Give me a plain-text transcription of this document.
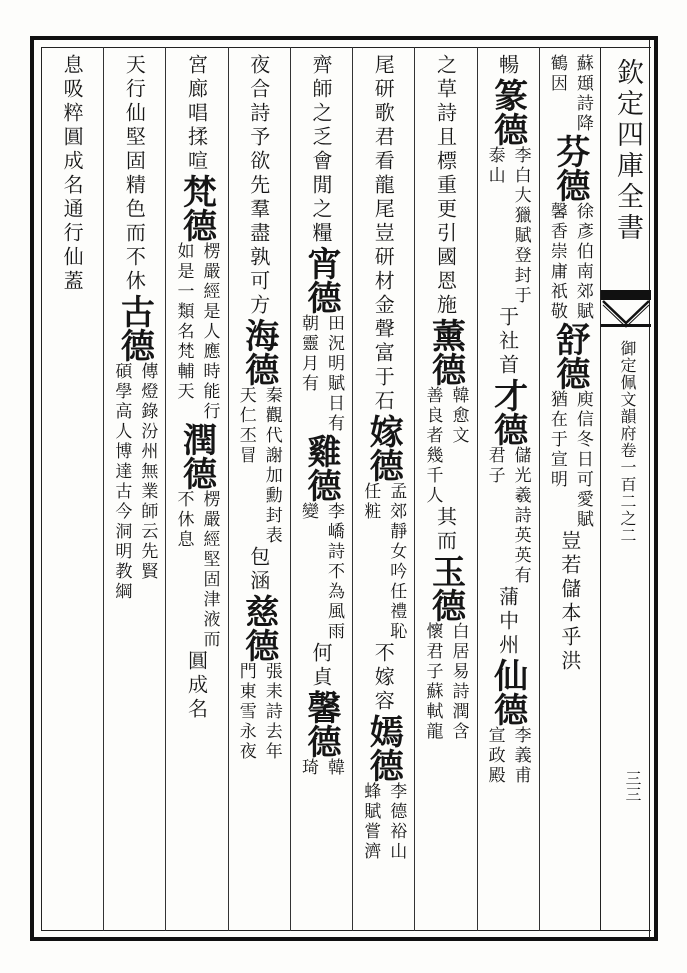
欽定四庫全書
御定佩文韻府卷一百二之二
三三
蘇頲詩降
鶴因
芬德
徐彥伯南郊賦
馨香崇庸祇敬
舒德
庾信冬日可愛賦
猶在于宣明
豈若儲
本乎洪
暢
篆德
李白大獵賦登封于
泰山
于社首
才德
儲光羲詩英英有
君子
蒲中州
仙德
李義甫
宣政殿
之草詩且標
重更引國恩施
薰德
韓愈文
善良者幾千人
其
而
玉德
白居易詩潤含
懷君子蘇軾龍
尾研歌君看龍尾豈研
材
金聲富于石
嫁德
孟郊靜女吟任禮恥
任粧
不嫁容
嫣德
李德裕山
蜂賦嘗濟
齊師之乏會
閒
之糧
宵德
田況明賦日有
朝靈月有
雞德
李嶠詩不為風雨
變
何貞
馨德
韓
琦
夜合詩予欲先
羣盡孰可方
海德
秦觀代謝加勳封表
天仁丕冒
包涵
慈德
張耒詩去年
門東雪永夜
宮廊唱
揉喧
梵德
楞嚴經是人應時能行
如是一類名梵輔天
潤德
楞嚴經堅固津液而
不休息
圓成名
天行仙堅固精色而不休
古德
傳燈錄汾州無業師云先賢
碩學高人博達古今洞明教綱
息吸粹圓成名通行仙
蓋
